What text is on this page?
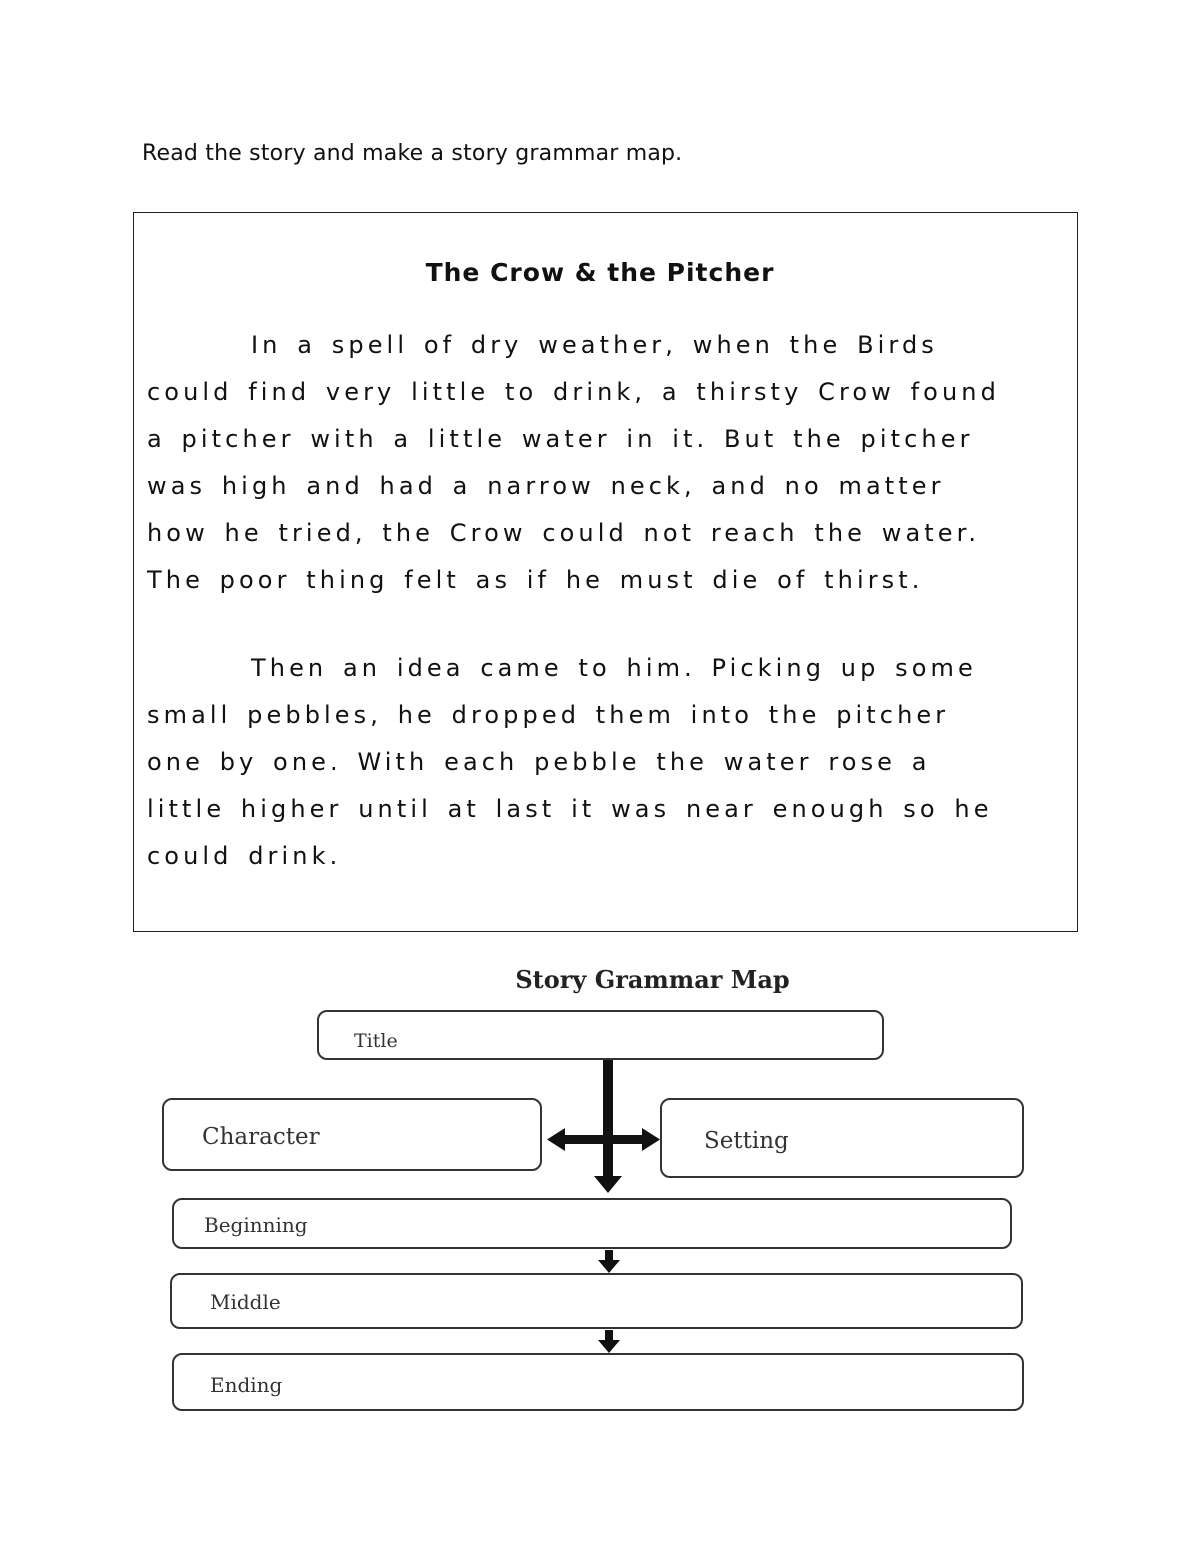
Read the story and make a story grammar map.
The Crow & the Pitcher
In a spell of dry weather, when the Birds
could find very little to drink, a thirsty Crow found
a pitcher with a little water in it. But the pitcher
was high and had a narrow neck, and no matter
how he tried, the Crow could not reach the water.
The poor thing felt as if he must die of thirst.
Then an idea came to him. Picking up some
small pebbles, he dropped them into the pitcher
one by one. With each pebble the water rose a
little higher until at last it was near enough so he
could drink.
Story Grammar Map
Title
Character	Setting
Beginning
Middle
Ending
